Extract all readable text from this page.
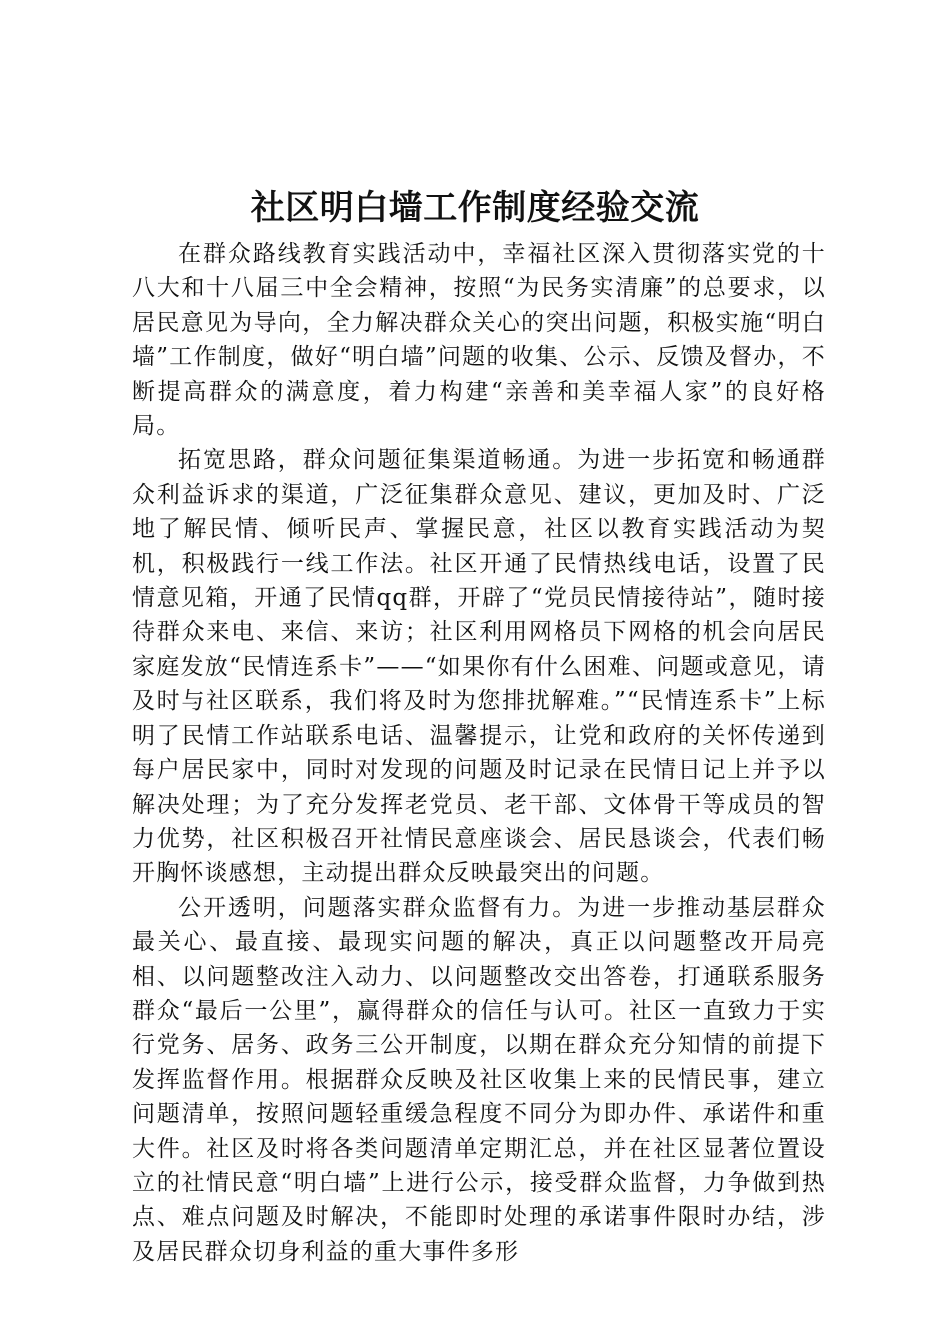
社区明白墙工作制度经验交流

在群众路线教育实践活动中，幸福社区深入贯彻落实党的十八大和十八届三中全会精神，按照“为民务实清廉”的总要求，以居民意见为导向，全力解决群众关心的突出问题，积极实施“明白墙”工作制度，做好“明白墙”问题的收集、公示、反馈及督办，不断提高群众的满意度，着力构建“亲善和美幸福人家”的良好格局。

拓宽思路，群众问题征集渠道畅通。为进一步拓宽和畅通群众利益诉求的渠道，广泛征集群众意见、建议，更加及时、广泛地了解民情、倾听民声、掌握民意，社区以教育实践活动为契机，积极践行一线工作法。社区开通了民情热线电话，设置了民情意见箱，开通了民情qq群，开辟了“党员民情接待站”，随时接待群众来电、来信、来访；社区利用网格员下网格的机会向居民家庭发放“民情连系卡”——“如果你有什么困难、问题或意见，请及时与社区联系，我们将及时为您排扰解难。”“民情连系卡”上标明了民情工作站联系电话、温馨提示，让党和政府的关怀传递到每户居民家中，同时对发现的问题及时记录在民情日记上并予以解决处理；为了充分发挥老党员、老干部、文体骨干等成员的智力优势，社区积极召开社情民意座谈会、居民恳谈会，代表们畅开胸怀谈感想，主动提出群众反映最突出的问题。

公开透明，问题落实群众监督有力。为进一步推动基层群众最关心、最直接、最现实问题的解决，真正以问题整改开局亮相、以问题整改注入动力、以问题整改交出答卷，打通联系服务群众“最后一公里”，赢得群众的信任与认可。社区一直致力于实行党务、居务、政务三公开制度，以期在群众充分知情的前提下发挥监督作用。根据群众反映及社区收集上来的民情民事，建立问题清单，按照问题轻重缓急程度不同分为即办件、承诺件和重大件。社区及时将各类问题清单定期汇总，并在社区显著位置设立的社情民意“明白墙”上进行公示，接受群众监督，力争做到热点、难点问题及时解决，不能即时处理的承诺事件限时办结，涉及居民群众切身利益的重大事件多形
